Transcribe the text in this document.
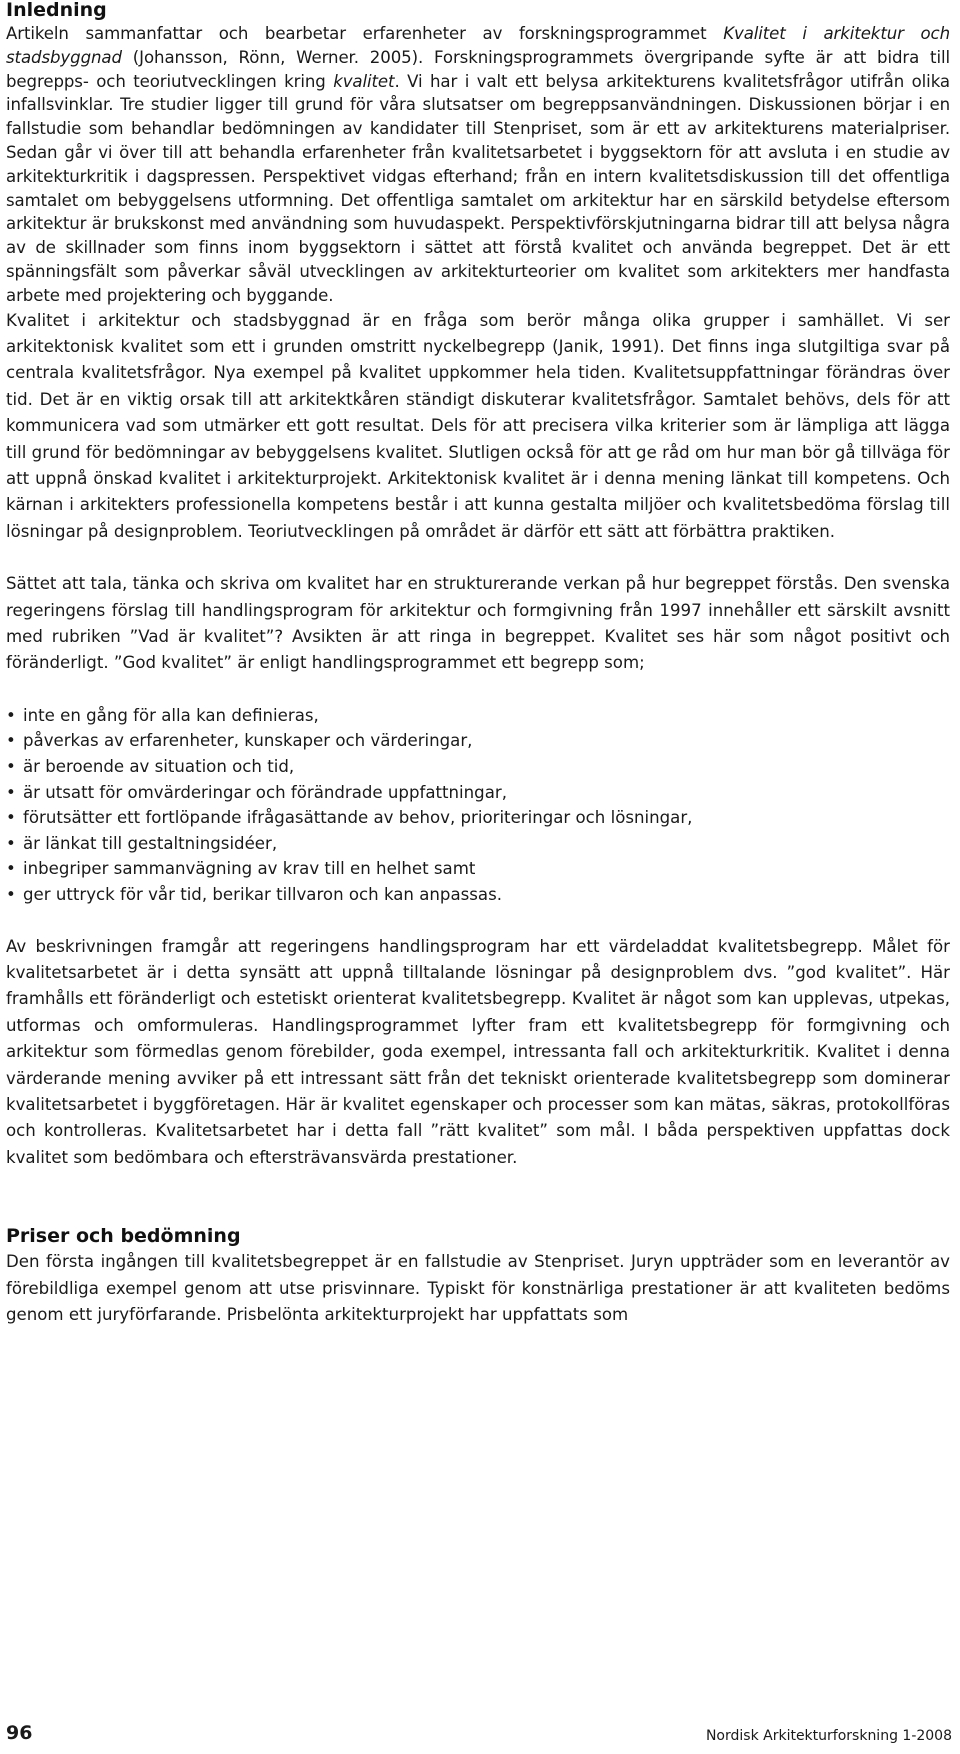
Inledning
Artikeln sammanfattar och bearbetar erfarenheter av forskningsprogrammet Kvalitet i arkitektur och stadsbyggnad (Johansson, Rönn, Werner. 2005). Forskningsprogrammets övergripande syfte är att bidra till begrepps- och teoriutvecklingen kring kvalitet. Vi har i valt ett belysa arkitekturens kvalitetsfrågor utifrån olika infallsvinklar. Tre studier ligger till grund för våra slutsatser om begreppsanvändningen. Diskussionen börjar i en fallstudie som behandlar bedömningen av kandidater till Stenpriset, som är ett av arkitekturens materialpriser. Sedan går vi över till att behandla erfarenheter från kvalitetsarbetet i byggsektorn för att avsluta i en studie av arkitekturkritik i dagspressen. Perspektivet vidgas efterhand; från en intern kvalitetsdiskussion till det offentliga samtalet om bebyggelsens utformning. Det offentliga samtalet om arkitektur har en särskild betydelse eftersom arkitektur är brukskonst med användning som huvudaspekt. Perspektivförskjutningarna bidrar till att belysa några av de skillnader som finns inom byggsektorn i sättet att förstå kvalitet och använda begreppet. Det är ett spänningsfält som påverkar såväl utvecklingen av arkitekturteorier om kvalitet som arkitekters mer handfasta arbete med projektering och byggande.

Kvalitet i arkitektur och stadsbyggnad är en fråga som berör många olika grupper i samhället. Vi ser arkitektonisk kvalitet som ett i grunden omstritt nyckelbegrepp (Janik, 1991). Det finns inga slutgiltiga svar på centrala kvalitetsfrågor. Nya exempel på kvalitet uppkommer hela tiden. Kvalitetsuppfattningar förändras över tid. Det är en viktig orsak till att arkitektkåren ständigt diskuterar kvalitetsfrågor. Samtalet behövs, dels för att kommunicera vad som utmärker ett gott resultat. Dels för att precisera vilka kriterier som är lämpliga att lägga till grund för bedömningar av bebyggelsens kvalitet. Slutligen också för att ge råd om hur man bör gå tillväga för att uppnå önskad kvalitet i arkitekturprojekt. Arkitektonisk kvalitet är i denna mening länkat till kompetens. Och kärnan i arkitekters professionella kompetens består i att kunna gestalta miljöer och kvalitetsbedöma förslag till lösningar på designproblem. Teoriutvecklingen på området är därför ett sätt att förbättra praktiken.

Sättet att tala, tänka och skriva om kvalitet har en strukturerande verkan på hur begreppet förstås. Den svenska regeringens förslag till handlingsprogram för arkitektur och formgivning från 1997 innehåller ett särskilt avsnitt med rubriken ”Vad är kvalitet”? Avsikten är att ringa in begreppet. Kvalitet ses här som något positivt och föränderligt. ”God kvalitet” är enligt handlingsprogrammet ett begrepp som;

• inte en gång för alla kan definieras,
• påverkas av erfarenheter, kunskaper och värderingar,
• är beroende av situation och tid,
• är utsatt för omvärderingar och förändrade uppfattningar,
• förutsätter ett fortlöpande ifrågasättande av behov, prioriteringar och lösningar,
• är länkat till gestaltningsidéer,
• inbegriper sammanvägning av krav till en helhet samt
• ger uttryck för vår tid, berikar tillvaron och kan anpassas.

Av beskrivningen framgår att regeringens handlingsprogram har ett värdeladdat kvalitetsbegrepp. Målet för kvalitetsarbetet är i detta synsätt att uppnå tilltalande lösningar på designproblem dvs. ”god kvalitet”. Här framhålls ett föränderligt och estetiskt orienterat kvalitetsbegrepp. Kvalitet är något som kan upplevas, utpekas, utformas och omformuleras. Handlingsprogrammet lyfter fram ett kvalitetsbegrepp för formgivning och arkitektur som förmedlas genom förebilder, goda exempel, intressanta fall och arkitekturkritik. Kvalitet i denna värderande mening avviker på ett intressant sätt från det tekniskt orienterade kvalitetsbegrepp som dominerar kvalitetsarbetet i byggföretagen. Här är kvalitet egenskaper och processer som kan mätas, säkras, protokollföras och kontrolleras. Kvalitetsarbetet har i detta fall ”rätt kvalitet” som mål. I båda perspektiven uppfattas dock kvalitet som bedömbara och eftersträvansvärda prestationer.

Priser och bedömning

Den första ingången till kvalitetsbegreppet är en fallstudie av Stenpriset. Juryn uppträder som en leverantör av förebildliga exempel genom att utse prisvinnare. Typiskt för konstnärliga prestationer är att kvaliteten bedöms genom ett juryförfarande. Prisbelönta arkitekturprojekt har uppfattats som

96	Nordisk Arkitekturforskning 1-2008
